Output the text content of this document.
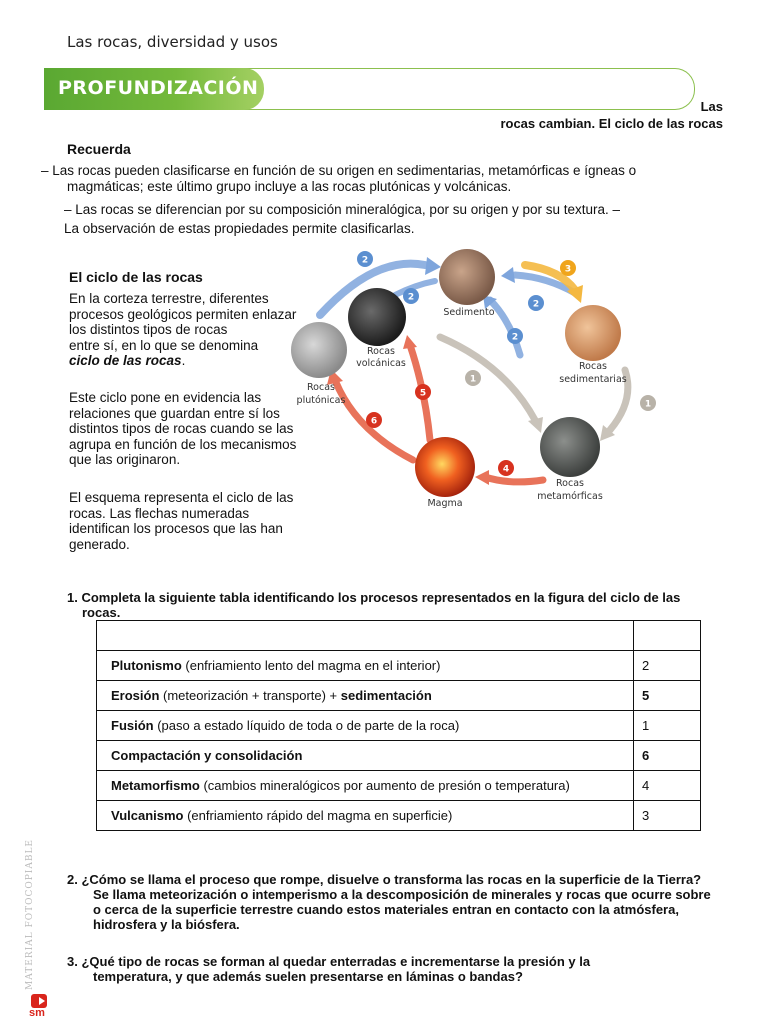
Las rocas, diversidad y usos
PROFUNDIZACIÓN
Las
rocas cambian. El ciclo de las rocas
Recuerda
– Las rocas pueden clasificarse en función de su origen en sedimentarias, metamórficas e ígneas o magmáticas; este último grupo incluye a las rocas plutónicas y volcánicas.
– Las rocas se diferencian por su composición mineralógica, por su origen y por su textura. –
La observación de estas propiedades permite clasificarlas.
El ciclo de las rocas
En la corteza terrestre, diferentes procesos geológicos permiten enlazar los distintos tipos de rocas
entre sí, en lo que se denomina
ciclo de las rocas.
Este ciclo pone en evidencia las relaciones que guardan entre sí los
distintos tipos de rocas cuando se las agrupa en función de los mecanismos que las originaron.
El esquema representa el ciclo de las rocas. Las flechas numeradas identifican los procesos que las han generado.
Sedimento
Rocas
volcánicas
Rocas
plutónicas
Rocas
sedimentarias
Rocas
metamórficas
Magma
2
2
2
2
3
1
1
4
5
6
1. Completa la siguiente tabla identificando los procesos representados en la figura del ciclo de las rocas.

Plutonismo (enfriamiento lento del magma en el interior)	2
Erosión (meteorización + transporte) + sedimentación	5
Fusión (paso a estado líquido de toda o de parte de la roca)	1
Compactación y consolidación	6
Metamorfismo (cambios mineralógicos por aumento de presión o temperatura)	4
Vulcanismo (enfriamiento rápido del magma en superficie)	3
2. ¿Cómo se llama el proceso que rompe, disuelve o transforma las rocas en la superficie de la Tierra? Se llama meteorización o intemperismo a la descomposición de minerales y rocas que ocurre sobre o cerca de la superficie terrestre cuando estos materiales entran en contacto con la atmósfera, hidrosfera y la biósfera.
3. ¿Qué tipo de rocas se forman al quedar enterradas e incrementarse la presión y la temperatura, y que además suelen presentarse en láminas o bandas?
MATERIAL FOTOCOPIABLE
sm
